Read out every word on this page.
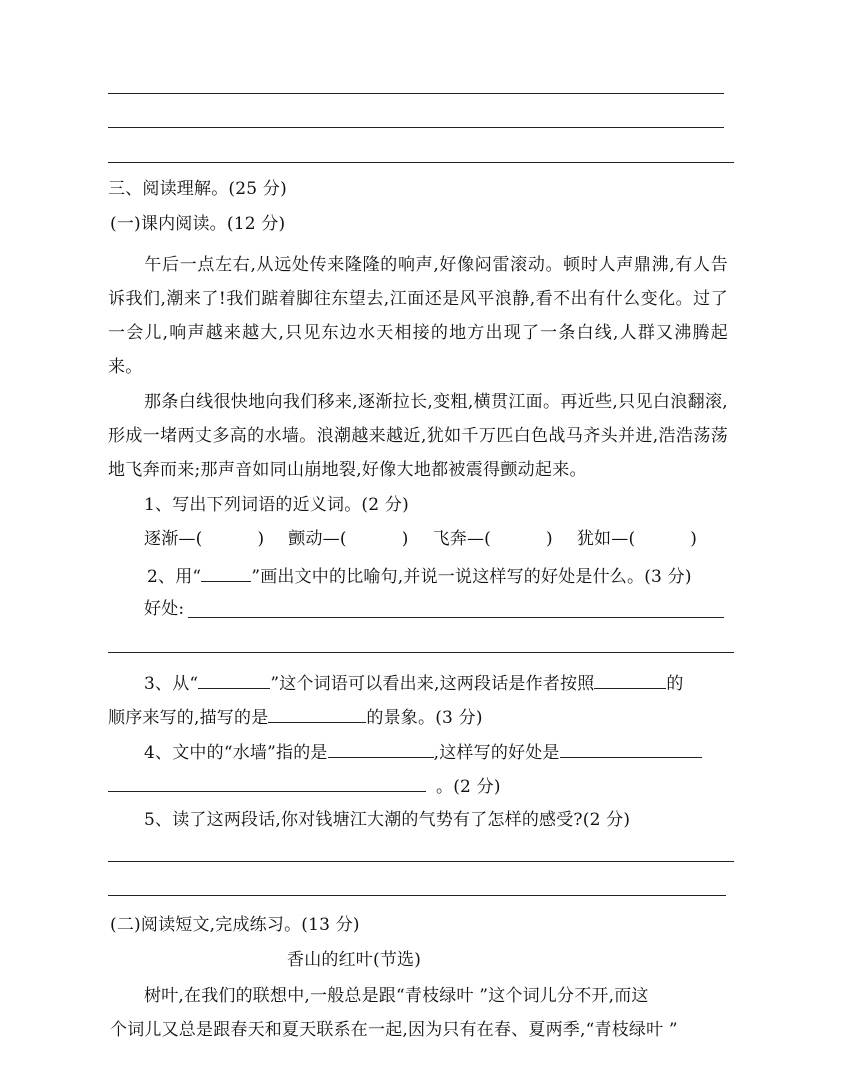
三、阅读理解。(25 分)
(一)课内阅读。(12 分)
午后一点左右,从远处传来隆隆的响声,好像闷雷滚动。顿时人声鼎沸,有人告诉我们,潮来了!我们踮着脚往东望去,江面还是风平浪静,看不出有什么变化。过了一会儿,响声越来越大,只见东边水天相接的地方出现了一条白线,人群又沸腾起来。
那条白线很快地向我们移来,逐渐拉长,变粗,横贯江面。再近些,只见白浪翻滚,形成一堵两丈多高的水墙。浪潮越来越近,犹如千万匹白色战马齐头并进,浩浩荡荡地飞奔而来;那声音如同山崩地裂,好像大地都被震得颤动起来。
1、写出下列词语的近义词。(2 分)
逐渐—(	) 颤动—(	) 飞奔—(	) 犹如—(	)
2、用“	”画出文中的比喻句,并说一说这样写的好处是什么。(3 分)
好处:
3、从“	”这个词语可以看出来,这两段话是作者按照	的
顺序来写的,描写的是	的景象。(3 分)
4、文中的“水墙”指的是	,这样写的好处是
。(2 分)
5、读了这两段话,你对钱塘江大潮的气势有了怎样的感受?(2 分)
(二)阅读短文,完成练习。(13 分)
香山的红叶(节选)
树叶,在我们的联想中,一般总是跟“青枝绿叶 ”这个词儿分不开,而这
个词儿又总是跟春天和夏天联系在一起,因为只有在春、夏两季,“青枝绿叶 ”
